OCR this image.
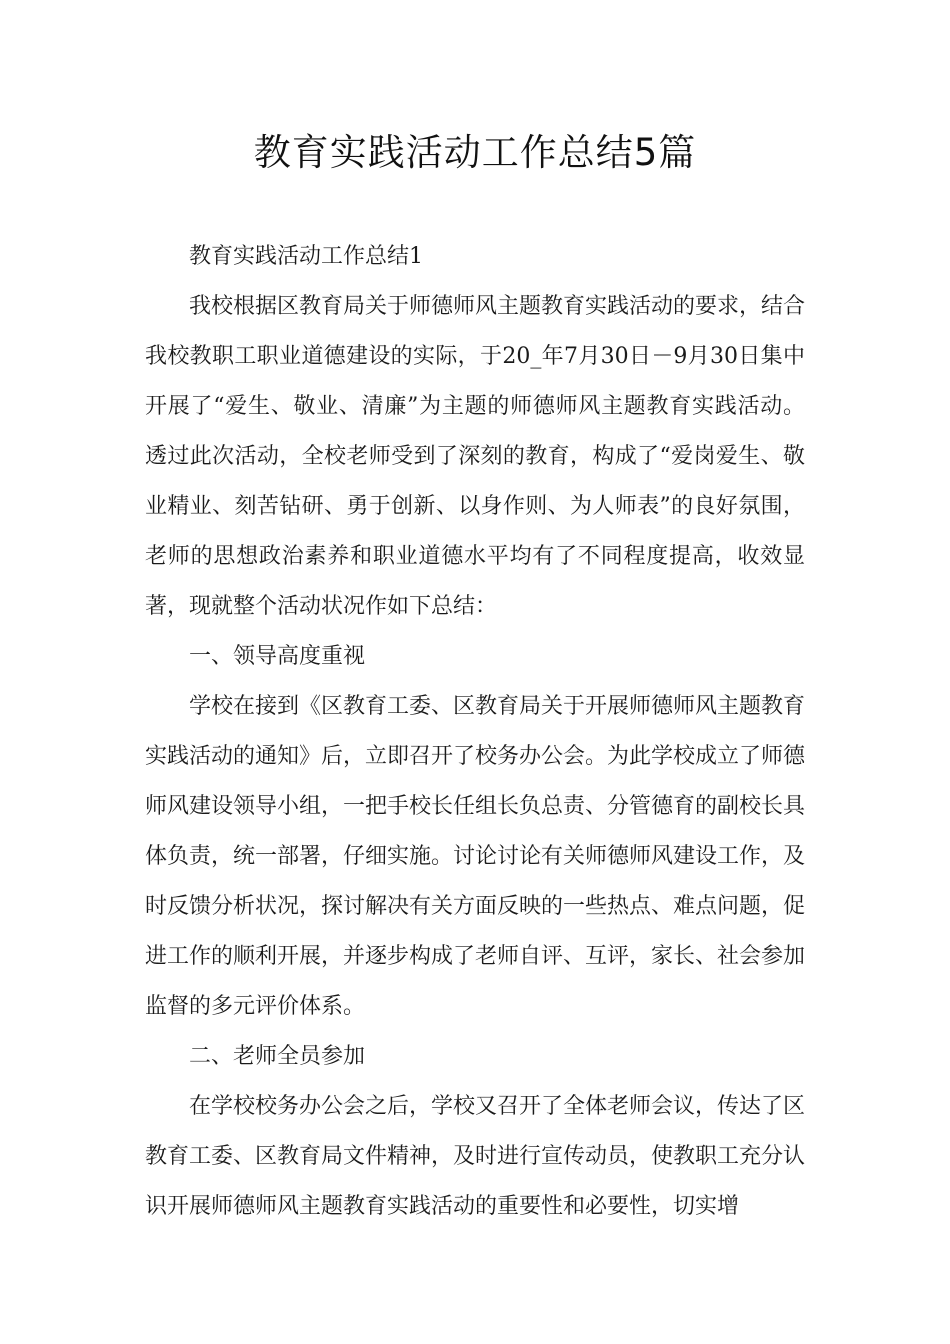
教育实践活动工作总结5篇

教育实践活动工作总结1

我校根据区教育局关于师德师风主题教育实践活动的要求，结合我校教职工职业道德建设的实际，于20_年7月30日－9月30日集中开展了“爱生、敬业、清廉”为主题的师德师风主题教育实践活动。透过此次活动，全校老师受到了深刻的教育，构成了“爱岗爱生、敬业精业、刻苦钻研、勇于创新、以身作则、为人师表”的良好氛围，老师的思想政治素养和职业道德水平均有了不同程度提高，收效显著，现就整个活动状况作如下总结：

一、领导高度重视

学校在接到《区教育工委、区教育局关于开展师德师风主题教育实践活动的通知》后，立即召开了校务办公会。为此学校成立了师德师风建设领导小组，一把手校长任组长负总责、分管德育的副校长具体负责，统一部署，仔细实施。讨论讨论有关师德师风建设工作，及时反馈分析状况，探讨解决有关方面反映的一些热点、难点问题，促进工作的顺利开展，并逐步构成了老师自评、互评，家长、社会参加监督的多元评价体系。

二、老师全员参加

在学校校务办公会之后，学校又召开了全体老师会议，传达了区教育工委、区教育局文件精神，及时进行宣传动员，使教职工充分认识开展师德师风主题教育实践活动的重要性和必要性，切实增
